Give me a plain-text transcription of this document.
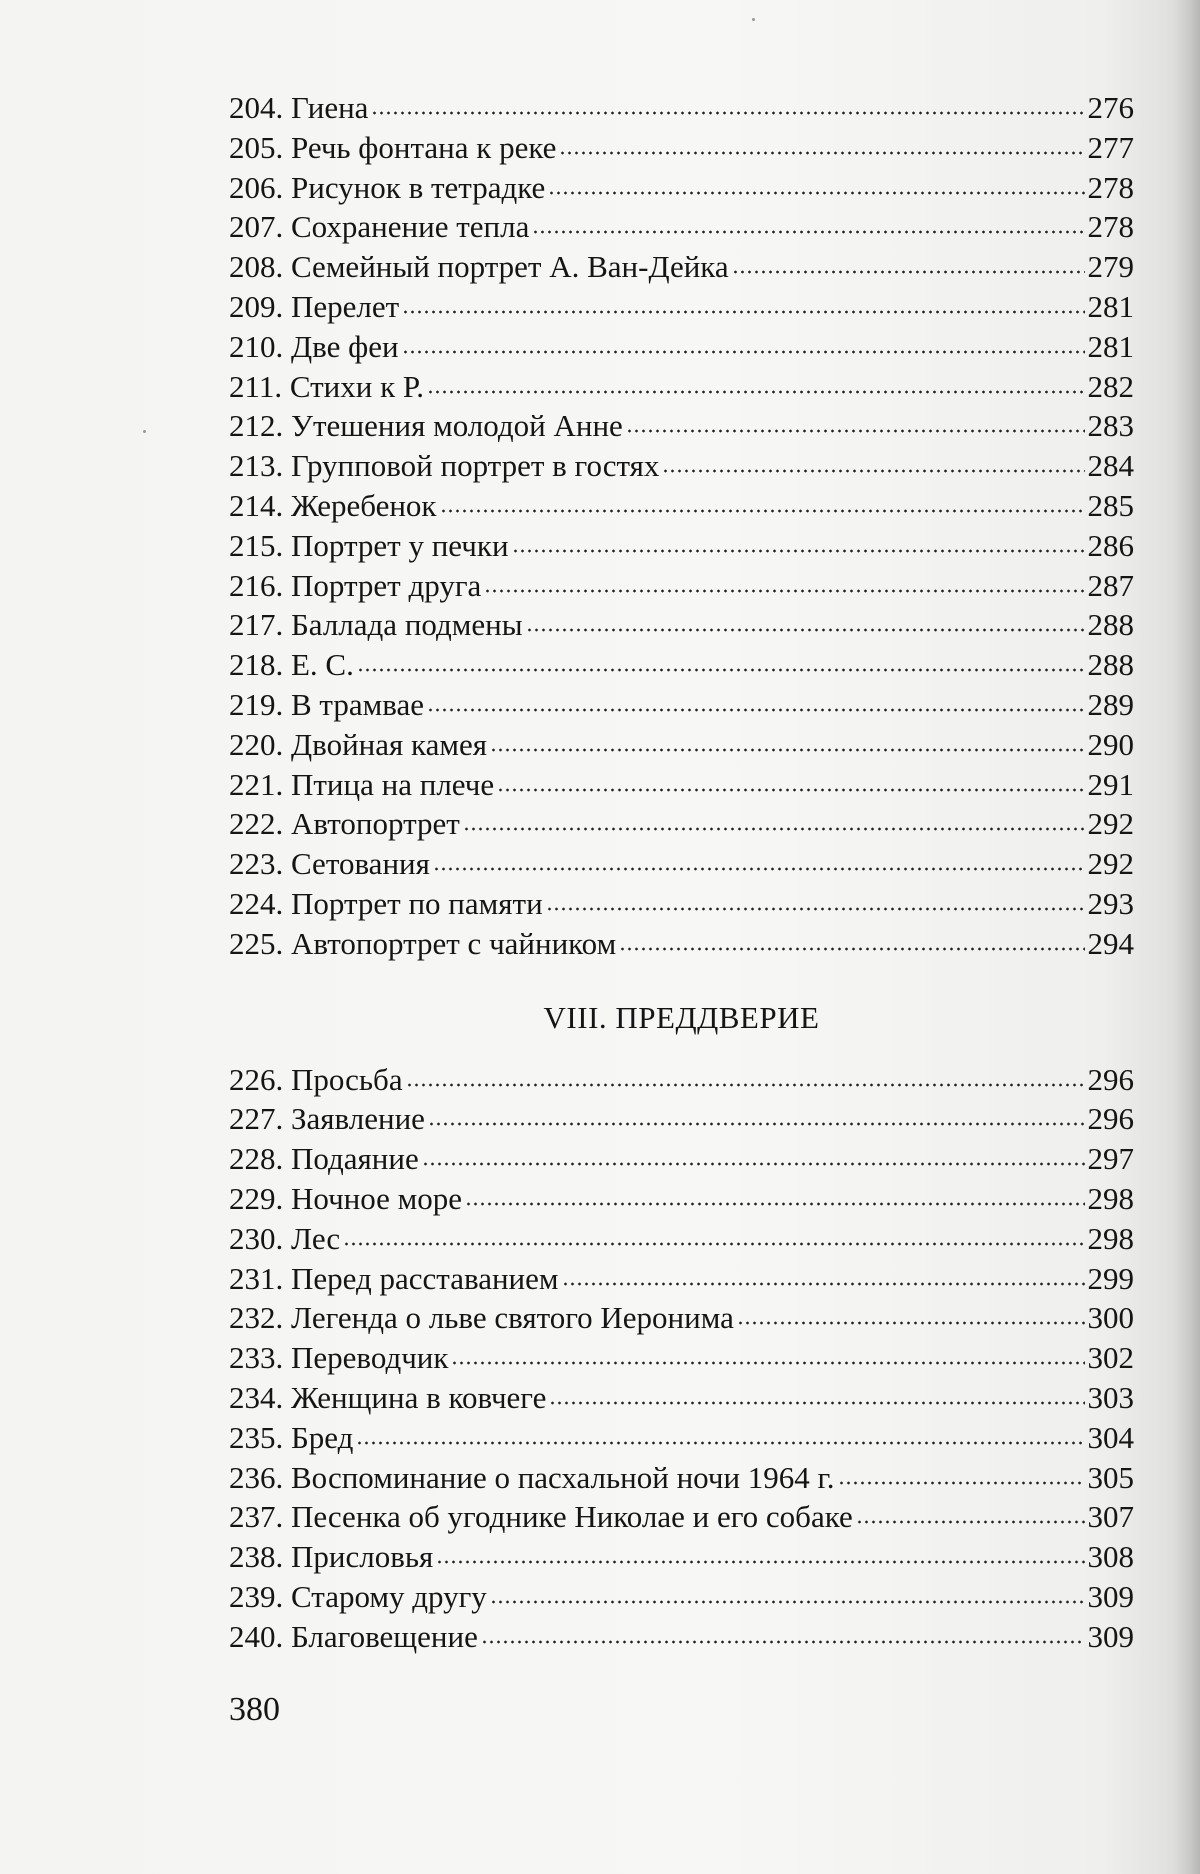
204. Гиена	276
205. Речь фонтана к реке	277
206. Рисунок в тетрадке	278
207. Сохранение тепла	278
208. Семейный портрет А. Ван-Дейка	279
209. Перелет	281
210. Две феи	281
211. Стихи к Р.	282
212. Утешения молодой Анне	283
213. Групповой портрет в гостях	284
214. Жеребенок	285
215. Портрет у печки	286
216. Портрет друга	287
217. Баллада подмены	288
218. Е. С.	288
219. В трамвае	289
220. Двойная камея	290
221. Птица на плече	291
222. Автопортрет	292
223. Сетования	292
224. Портрет по памяти	293
225. Автопортрет с чайником	294
VIII. ПРЕДДВЕРИЕ
226. Просьба	296
227. Заявление	296
228. Подаяние	297
229. Ночное море	298
230. Лес	298
231. Перед расставанием	299
232. Легенда о льве святого Иеронима	300
233. Переводчик	302
234. Женщина в ковчеге	303
235. Бред	304
236. Воспоминание о пасхальной ночи 1964 г.	305
237. Песенка об угоднике Николае и его собаке	307
238. Присловья	308
239. Старому другу	309
240. Благовещение	309
380
